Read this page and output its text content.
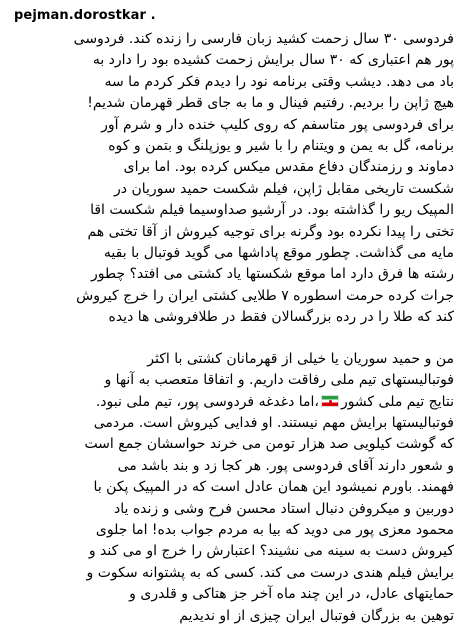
pejman.dorostkar .
فردوسی ۳۰ سال زحمت کشید زبان فارسی را زنده کند. فردوسی
پور هم اعتباری که ۳۰ سال برایش زحمت کشیده بود را دارد به
باد می دهد. دیشب وقتی برنامه نود را دیدم فکر کردم ما سه
هیچ ژاپن را بردیم. رفتیم فینال و ما به جای قطر قهرمان شدیم!
برای فردوسی پور متاسفم که روی کلیپ خنده دار و شرم آور
برنامه، گل به یمن و ویتنام را با شیر و یوزپلنگ و بتمن و کوه
دماوند و رزمندگان دفاع مقدس میکس کرده بود. اما برای
شکست تاریخی مقابل ژاپن، فیلم شکست حمید سوریان در
المپیک ریو را گذاشته بود. در آرشیو صداوسیما فیلم شکست اقا
تختی را پیدا نکرده بود وگرنه برای توجیه کیروش از آقا تختی هم
مایه می گذاشت. چطور موقع پاداشها می گوید فوتبال با بقیه
رشته ها فرق دارد اما موقع شکستها یاد کشتی می افتد؟ چطور
جرات کرده حرمت اسطوره ۷ طلایی کشتی ایران را خرج کیروش
کند که طلا را در رده بزرگسالان فقط در طلافروشی ها دیده
من و حمید سوریان یا خیلی از قهرمانان کشتی با اکثر
فوتبالیستهای تیم ملی رفاقت داریم. و اتفاقا متعصب به آنها و
نتایج تیم ملی کشور،اما دغدغه فردوسی پور، تیم ملی نبود.
فوتبالیستها برایش مهم نیستند. او فدایی کیروش است. مردمی
که گوشت کیلویی صد هزار تومن می خرند حواسشان جمع است
و شعور دارند آقای فردوسی پور. هر کجا زد و بند باشد می
فهمند. باورم نمیشود این همان عادل است که در المپیک پکن با
دوربین و میکروفن دنبال استاد محسن فرح وشی و زنده یاد
محمود معزی پور می دوید که بیا به مردم جواب بده! اما جلوی
کیروش دست به سینه می نشیند؟ اعتبارش را خرج او می کند و
برایش فیلم هندی درست می کند. کسی که به پشتوانه سکوت و
حمایتهای عادل، در این چند ماه آخر جز هتاکی و قلدری و
توهین به بزرگان فوتبال ایران چیزی از او ندیدیم
